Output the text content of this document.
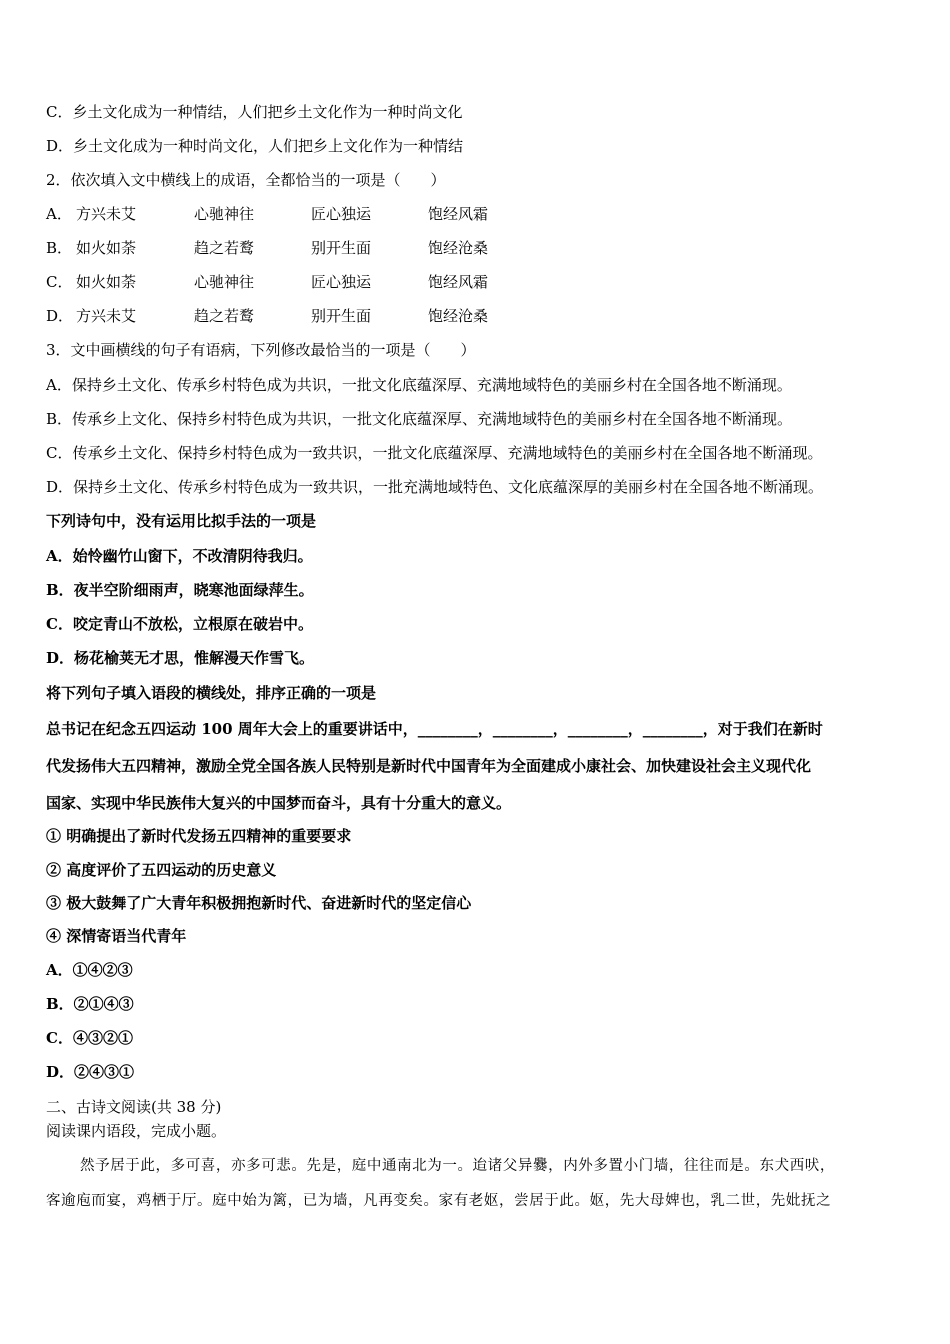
C．乡土文化成为一种情结，人们把乡土文化作为一种时尚文化
D．乡土文化成为一种时尚文化，人们把乡上文化作为一种情结
2．依次填入文中横线上的成语，全都恰当的一项是（　　）
A． 方兴未艾	心驰神往	匠心独运	饱经风霜
B． 如火如荼	趋之若鹜	别开生面	饱经沧桑
C． 如火如荼	心驰神往	匠心独运	饱经风霜
D． 方兴未艾	趋之若鹜	别开生面	饱经沧桑
3．文中画横线的句子有语病，下列修改最恰当的一项是（　　）
A．保持乡土文化、传承乡村特色成为共识，一批文化底蕴深厚、充满地域特色的美丽乡村在全国各地不断涌现。
B．传承乡上文化、保持乡村特色成为共识，一批文化底蕴深厚、充满地域特色的美丽乡村在全国各地不断涌现。
C．传承乡土文化、保持乡村特色成为一致共识，一批文化底蕴深厚、充满地域特色的美丽乡村在全国各地不断涌现。
D．保持乡土文化、传承乡村特色成为一致共识，一批充满地域特色、文化底蕴深厚的美丽乡村在全国各地不断涌现。
下列诗句中，没有运用比拟手法的一项是
A．始怜幽竹山窗下，不改清阴待我归。
B．夜半空阶细雨声，晓寒池面绿萍生。
C．咬定青山不放松，立根原在破岩中。
D．杨花榆荚无才思，惟解漫天作雪飞。
将下列句子填入语段的横线处，排序正确的一项是
总书记在纪念五四运动 100 周年大会上的重要讲话中，________，________，________，________，对于我们在新时
代发扬伟大五四精神，激励全党全国各族人民特别是新时代中国青年为全面建成小康社会、加快建设社会主义现代化
国家、实现中华民族伟大复兴的中国梦而奋斗，具有十分重大的意义。
① 明确提出了新时代发扬五四精神的重要要求
② 高度评价了五四运动的历史意义
③ 极大鼓舞了广大青年积极拥抱新时代、奋进新时代的坚定信心
④ 深情寄语当代青年
A．①④②③
B．②①④③
C．④③②①
D．②④③①
二、古诗文阅读(共 38 分)
阅读课内语段，完成小题。
然予居于此，多可喜，亦多可悲。先是，庭中通南北为一。迨诸父异爨，内外多置小门墙，往往而是。东犬西吠，
客逾庖而宴，鸡栖于厅。庭中始为篱，已为墙，凡再变矣。家有老妪，尝居于此。妪，先大母婢也，乳二世，先妣抚之
